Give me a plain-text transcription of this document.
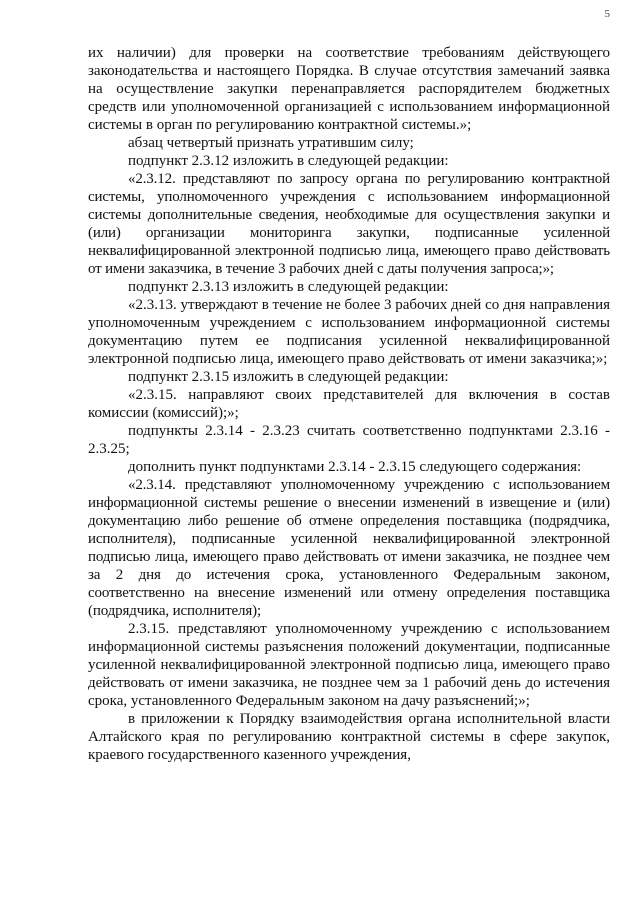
5

их наличии) для проверки на соответствие требованиям действующего законодательства и настоящего Порядка. В случае отсутствия замечаний заявка на осуществление закупки перенаправляется распорядителем бюджетных средств или уполномоченной организацией с использованием информационной системы в орган по регулированию контрактной системы.»;

абзац четвертый признать утратившим силу;

подпункт 2.3.12 изложить в следующей редакции:

«2.3.12. представляют по запросу органа по регулированию контрактной системы, уполномоченного учреждения с использованием информационной системы дополнительные сведения, необходимые для осуществления закупки и (или) организации мониторинга закупки, подписанные усиленной неквалифицированной электронной подписью лица, имеющего право действовать от имени заказчика, в течение 3 рабочих дней с даты получения запроса;»;

подпункт 2.3.13 изложить в следующей редакции:

«2.3.13. утверждают в течение не более 3 рабочих дней со дня направления уполномоченным учреждением с использованием информационной системы документацию путем ее подписания усиленной неквалифицированной электронной подписью лица, имеющего право действовать от имени заказчика;»;

подпункт 2.3.15 изложить в следующей редакции:

«2.3.15. направляют своих представителей для включения в состав комиссии (комиссий);»;

подпункты 2.3.14 - 2.3.23 считать соответственно подпунктами 2.3.16 - 2.3.25;

дополнить пункт подпунктами 2.3.14 - 2.3.15 следующего содержания:

«2.3.14. представляют уполномоченному учреждению с использованием информационной системы решение о внесении изменений в извещение и (или) документацию либо решение об отмене определения поставщика (подрядчика, исполнителя), подписанные усиленной неквалифицированной электронной подписью лица, имеющего право действовать от имени заказчика, не позднее чем за 2 дня до истечения срока, установленного Федеральным законом, соответственно на внесение изменений или отмену определения поставщика (подрядчика, исполнителя);

2.3.15. представляют уполномоченному учреждению с использованием информационной системы разъяснения положений документации, подписанные усиленной неквалифицированной электронной подписью лица, имеющего право действовать от имени заказчика, не позднее чем за 1 рабочий день до истечения срока, установленного Федеральным законом на дачу разъяснений;»;

в приложении к Порядку взаимодействия органа исполнительной власти Алтайского края по регулированию контрактной системы в сфере закупок, краевого государственного казенного учреждения,
